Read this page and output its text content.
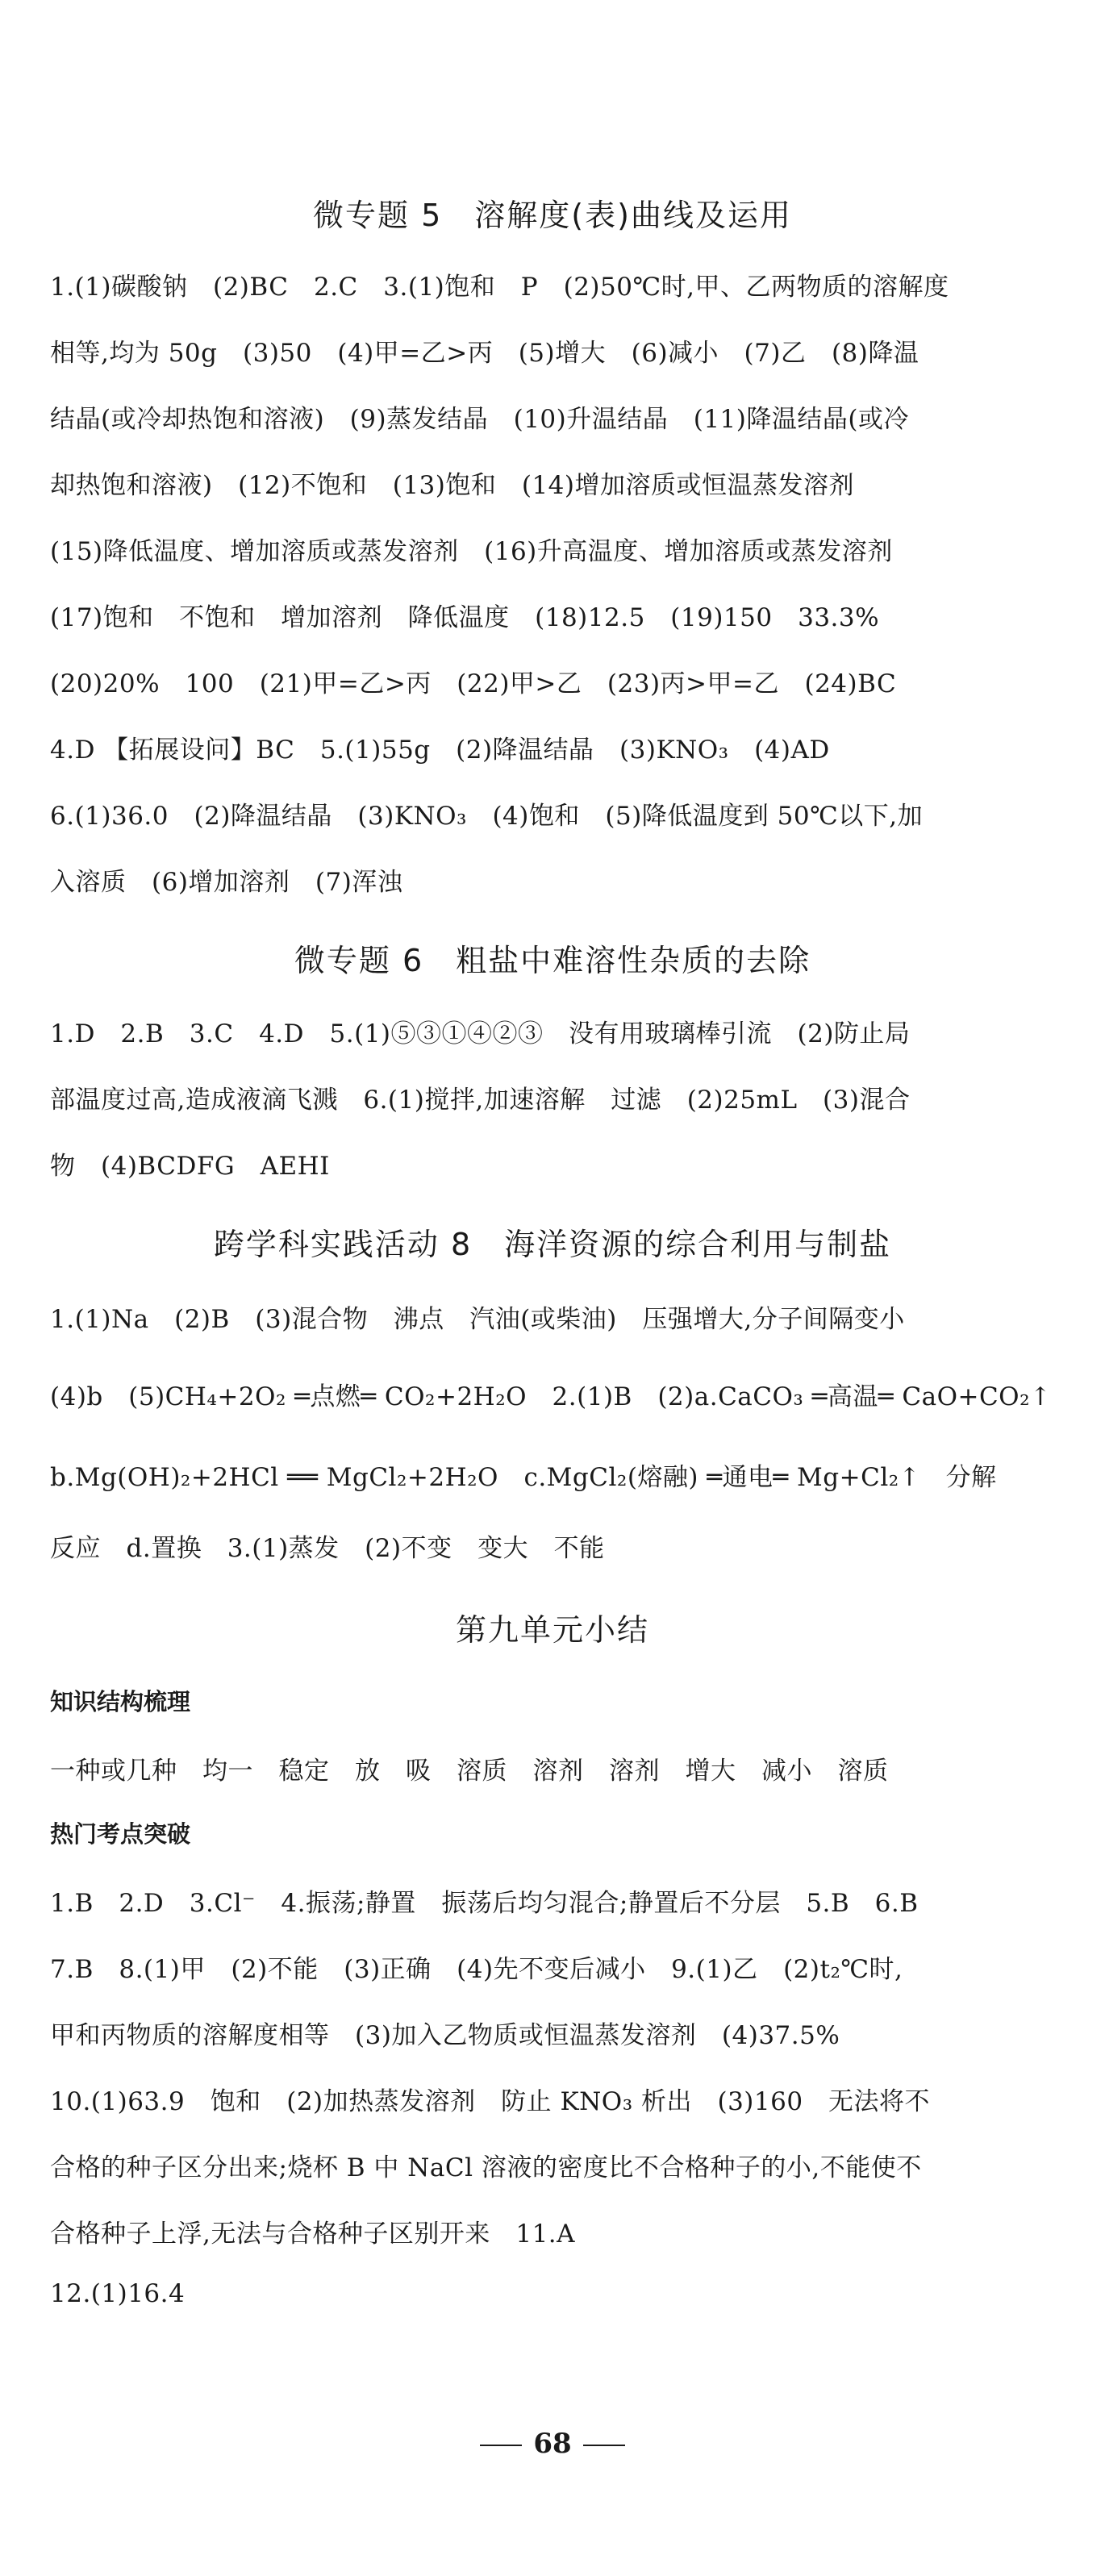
微专题 5　溶解度(表)曲线及运用
1.(1)碳酸钠　(2)BC　2.C　3.(1)饱和　P　(2)50℃时,甲、乙两物质的溶解度
相等,均为 50g　(3)50　(4)甲=乙>丙　(5)增大　(6)减小　(7)乙　(8)降温
结晶(或冷却热饱和溶液)　(9)蒸发结晶　(10)升温结晶　(11)降温结晶(或冷
却热饱和溶液)　(12)不饱和　(13)饱和　(14)增加溶质或恒温蒸发溶剂
(15)降低温度、增加溶质或蒸发溶剂　(16)升高温度、增加溶质或蒸发溶剂
(17)饱和　不饱和　增加溶剂　降低温度　(18)12.5　(19)150　33.3%
(20)20%　100　(21)甲=乙>丙　(22)甲>乙　(23)丙>甲=乙　(24)BC
4.D 【拓展设问】BC　5.(1)55g　(2)降温结晶　(3)KNO₃　(4)AD
6.(1)36.0　(2)降温结晶　(3)KNO₃　(4)饱和　(5)降低温度到 50℃以下,加
入溶质　(6)增加溶剂　(7)浑浊
微专题 6　粗盐中难溶性杂质的去除
1.D　2.B　3.C　4.D　5.(1)⑤③①④②③　没有用玻璃棒引流　(2)防止局
部温度过高,造成液滴飞溅　6.(1)搅拌,加速溶解　过滤　(2)25mL　(3)混合
物　(4)BCDFG　AEHI
跨学科实践活动 8　海洋资源的综合利用与制盐
1.(1)Na　(2)B　(3)混合物　沸点　汽油(或柴油)　压强增大,分子间隔变小
(4)b　(5)CH₄+2O₂ ═点燃═ CO₂+2H₂O　2.(1)B　(2)a.CaCO₃ ═高温═ CaO+CO₂↑
b.Mg(OH)₂+2HCl ══ MgCl₂+2H₂O　c.MgCl₂(熔融) ═通电═ Mg+Cl₂↑　分解
反应　d.置换　3.(1)蒸发　(2)不变　变大　不能
第九单元小结
知识结构梳理
一种或几种　均一　稳定　放　吸　溶质　溶剂　溶剂　增大　减小　溶质
热门考点突破
1.B　2.D　3.Cl⁻　4.振荡;静置　振荡后均匀混合;静置后不分层　5.B　6.B
7.B　8.(1)甲　(2)不能　(3)正确　(4)先不变后减小　9.(1)乙　(2)t₂℃时,
甲和丙物质的溶解度相等　(3)加入乙物质或恒温蒸发溶剂　(4)37.5%
10.(1)63.9　饱和　(2)加热蒸发溶剂　防止 KNO₃ 析出　(3)160　无法将不
合格的种子区分出来;烧杯 B 中 NaCl 溶液的密度比不合格种子的小,不能使不
合格种子上浮,无法与合格种子区别开来　11.A
12.(1)16.4
68
